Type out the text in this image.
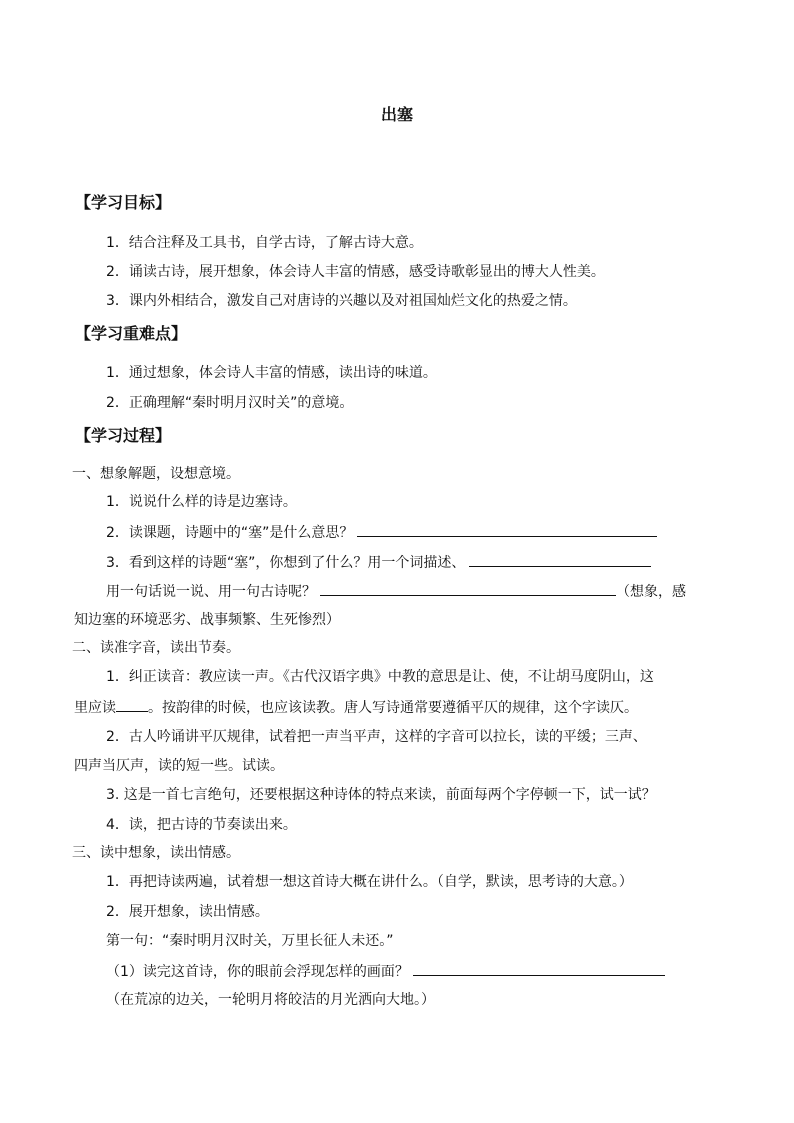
出塞
【学习目标】
1．结合注释及工具书，自学古诗，了解古诗大意。
2．诵读古诗，展开想象，体会诗人丰富的情感，感受诗歌彰显出的博大人性美。
3．课内外相结合，激发自己对唐诗的兴趣以及对祖国灿烂文化的热爱之情。
【学习重难点】
1．通过想象，体会诗人丰富的情感，读出诗的味道。
2．正确理解“秦时明月汉时关”的意境。
【学习过程】
一、想象解题，设想意境。
1．说说什么样的诗是边塞诗。
2．读课题，诗题中的“塞”是什么意思？
3．看到这样的诗题“塞”，你想到了什么？用一个词描述、
用一句话说一说、用一句古诗呢？	（想象，感
知边塞的环境恶劣、战事频繁、生死惨烈）
二、读准字音，读出节奏。
1．纠正读音：教应读一声。《古代汉语字典》中教的意思是让、使，不让胡马度阴山，这
里应读 。按韵律的时候，也应该读教。唐人写诗通常要遵循平仄的规律，这个字读仄。
2．古人吟诵讲平仄规律，试着把一声当平声，这样的字音可以拉长，读的平缓；三声、
四声当仄声，读的短一些。试读。
3. 这是一首七言绝句，还要根据这种诗体的特点来读，前面每两个字停顿一下，试一试？
4．读，把古诗的节奏读出来。
三、读中想象，读出情感。
1．再把诗读两遍，试着想一想这首诗大概在讲什么。（自学，默读，思考诗的大意。）
2．展开想象，读出情感。
第一句：“秦时明月汉时关，万里长征人未还。”
（1）读完这首诗，你的眼前会浮现怎样的画面？
（在荒凉的边关，一轮明月将皎洁的月光洒向大地。）
